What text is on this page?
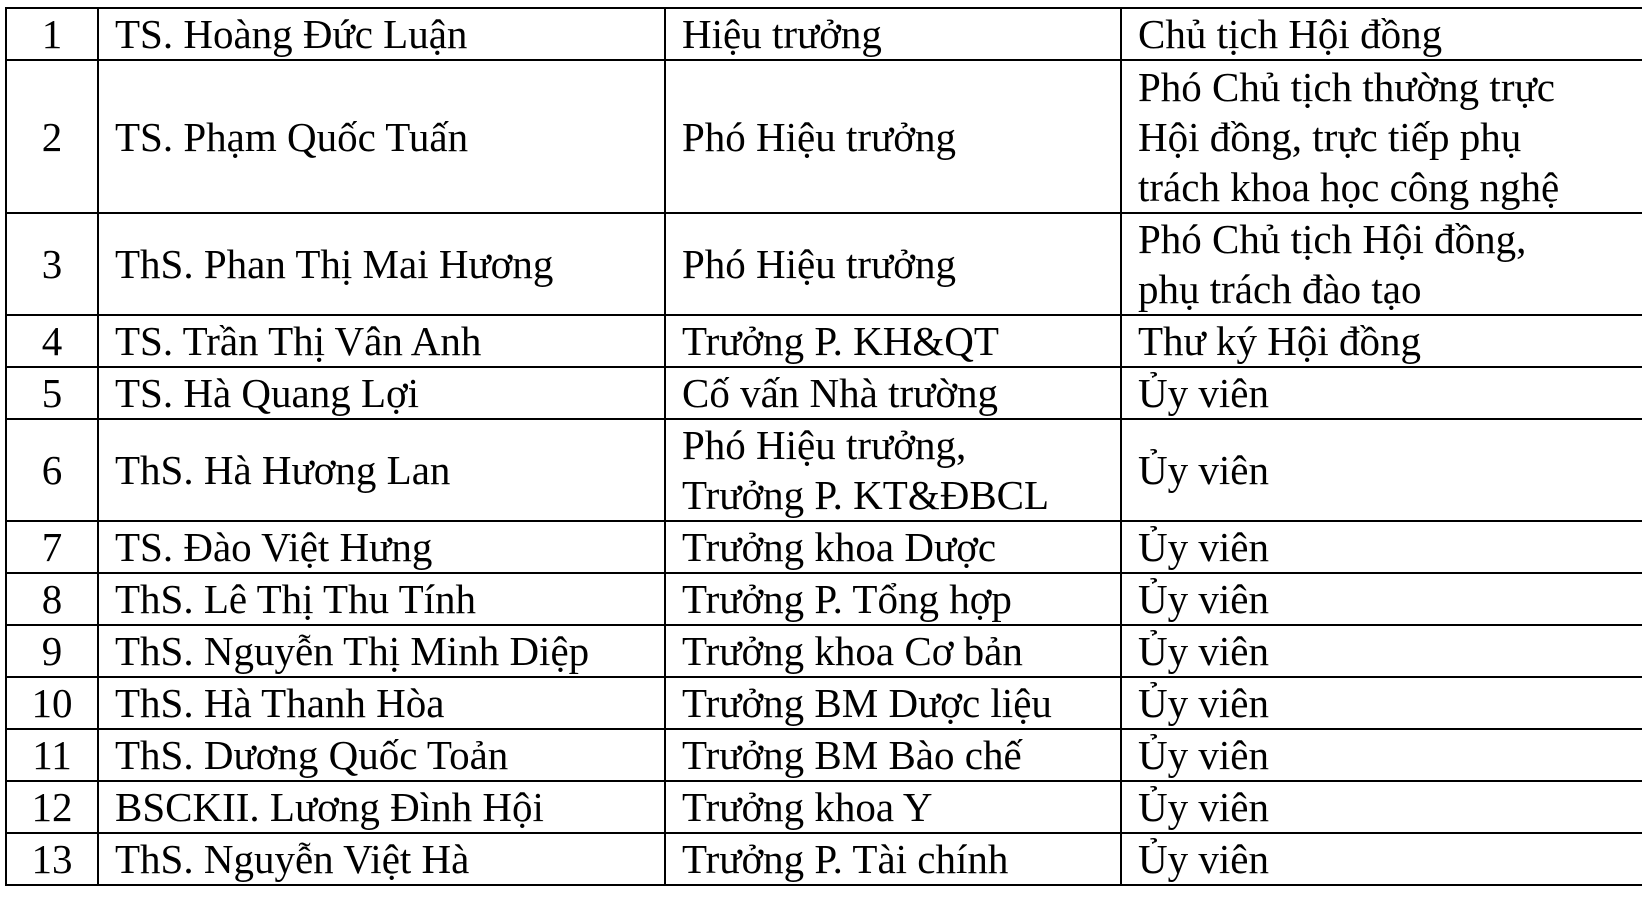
1	TS. Hoàng Đức Luận	Hiệu trưởng	Chủ tịch Hội đồng
2	TS. Phạm Quốc Tuấn	Phó Hiệu trưởng	Phó Chủ tịch thường trực
Hội đồng, trực tiếp phụ
trách khoa học công nghệ
3	ThS. Phan Thị Mai Hương	Phó Hiệu trưởng	Phó Chủ tịch Hội đồng,
phụ trách đào tạo
4	TS. Trần Thị Vân Anh	Trưởng P. KH&QT	Thư ký Hội đồng
5	TS. Hà Quang Lợi	Cố vấn Nhà trường	Ủy viên
6	ThS. Hà Hương Lan	Phó Hiệu trưởng,
Trưởng P. KT&ĐBCL	Ủy viên
7	TS. Đào Việt Hưng	Trưởng khoa Dược	Ủy viên
8	ThS. Lê Thị Thu Tính	Trưởng P. Tổng hợp	Ủy viên
9	ThS. Nguyễn Thị Minh Diệp	Trưởng khoa Cơ bản	Ủy viên
10	ThS. Hà Thanh Hòa	Trưởng BM Dược liệu	Ủy viên
11	ThS. Dương Quốc Toản	Trưởng BM Bào chế	Ủy viên
12	BSCKII. Lương Đình Hội	Trưởng khoa Y	Ủy viên
13	ThS. Nguyễn Việt Hà	Trưởng P. Tài chính	Ủy viên
